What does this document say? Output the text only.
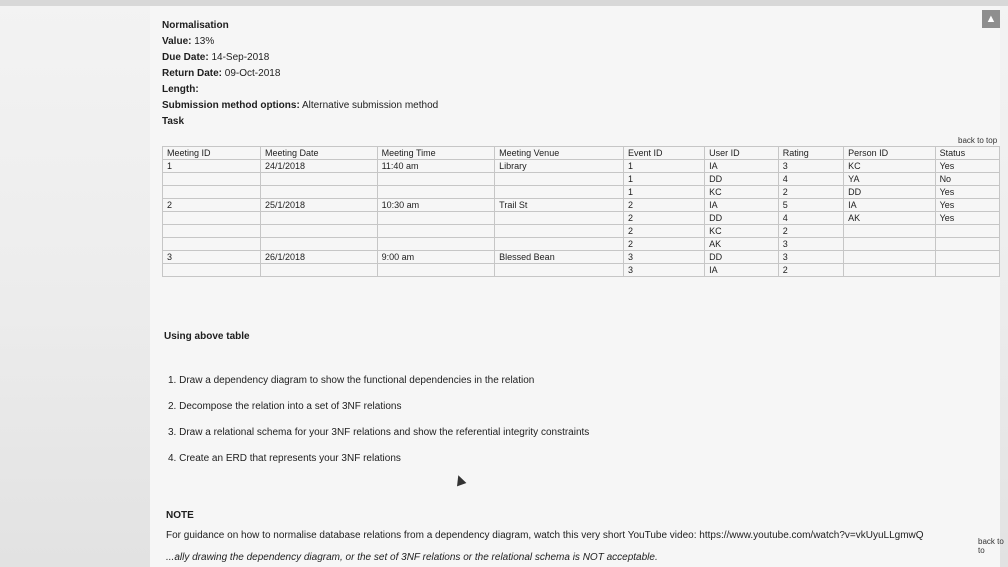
▲
Normalisation
Value: 13%
Due Date: 14-Sep-2018
Return Date: 09-Oct-2018
Length:
Submission method options: Alternative submission method
Task
back to top
Meeting ID	Meeting Date	Meeting Time	Meeting Venue	Event ID	User ID	Rating	Person ID	Status
1	24/1/2018	11:40 am	Library	1	IA	3	KC	Yes
				1	DD	4	YA	No
				1	KC	2	DD	Yes
2	25/1/2018	10:30 am	Trail St	2	IA	5	IA	Yes
				2	DD	4	AK	Yes
				2	KC	2		
				2	AK	3		
3	26/1/2018	9:00 am	Blessed Bean	3	DD	3		
				3	IA	2		
Using above table
1. Draw a dependency diagram to show the functional dependencies in the relation
2. Decompose the relation into a set of 3NF relations
3. Draw a relational schema for your 3NF relations and show the referential integrity constraints
4. Create an ERD that represents your 3NF relations
NOTE
For guidance on how to normalise database relations from a dependency diagram, watch this very short YouTube video: https://www.youtube.com/watch?v=vkUyuLLgmwQ
...ally drawing the dependency diagram, or the set of 3NF relations or the relational schema is NOT acceptable.
back to to
